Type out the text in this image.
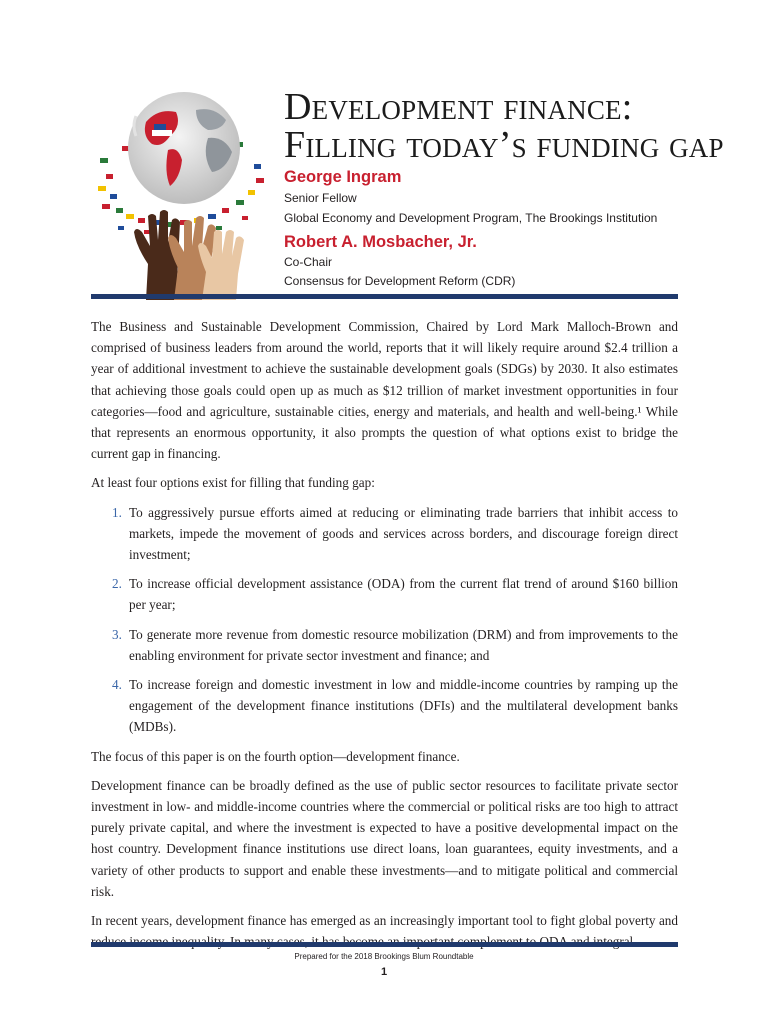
Development finance:
Filling today’s funding gap
George Ingram
Senior Fellow
Global Economy and Development Program, The Brookings Institution
Robert A. Mosbacher, Jr.
Co-Chair
Consensus for Development Reform (CDR)

The Business and Sustainable Development Commission, Chaired by Lord Mark Malloch-Brown and comprised of business leaders from around the world, reports that it will likely require around $2.4 trillion a year of additional investment to achieve the sustainable development goals (SDGs) by 2030. It also estimates that achieving those goals could open up as much as $12 trillion of market investment opportunities in four categories—food and agriculture, sustainable cities, energy and materials, and health and well-being.¹ While that represents an enormous opportunity, it also prompts the question of what options exist to bridge the current gap in financing.

At least four options exist for filling that funding gap:

1. To aggressively pursue efforts aimed at reducing or eliminating trade barriers that inhibit access to markets, impede the movement of goods and services across borders, and discourage foreign direct investment;
2. To increase official development assistance (ODA) from the current flat trend of around $160 billion per year;
3. To generate more revenue from domestic resource mobilization (DRM) and from improvements to the enabling environment for private sector investment and finance; and
4. To increase foreign and domestic investment in low and middle-income countries by ramping up the engagement of the development finance institutions (DFIs) and the multilateral development banks (MDBs).

The focus of this paper is on the fourth option—development finance.

Development finance can be broadly defined as the use of public sector resources to facilitate private sector investment in low- and middle-income countries where the commercial or political risks are too high to attract purely private capital, and where the investment is expected to have a positive developmental impact on the host country. Development finance institutions use direct loans, loan guarantees, equity investments, and a variety of other products to support and enable these investments—and to mitigate political and commercial risk.

In recent years, development finance has emerged as an increasingly important tool to fight global poverty and

Prepared for the 2018 Brookings Blum Roundtable
1
